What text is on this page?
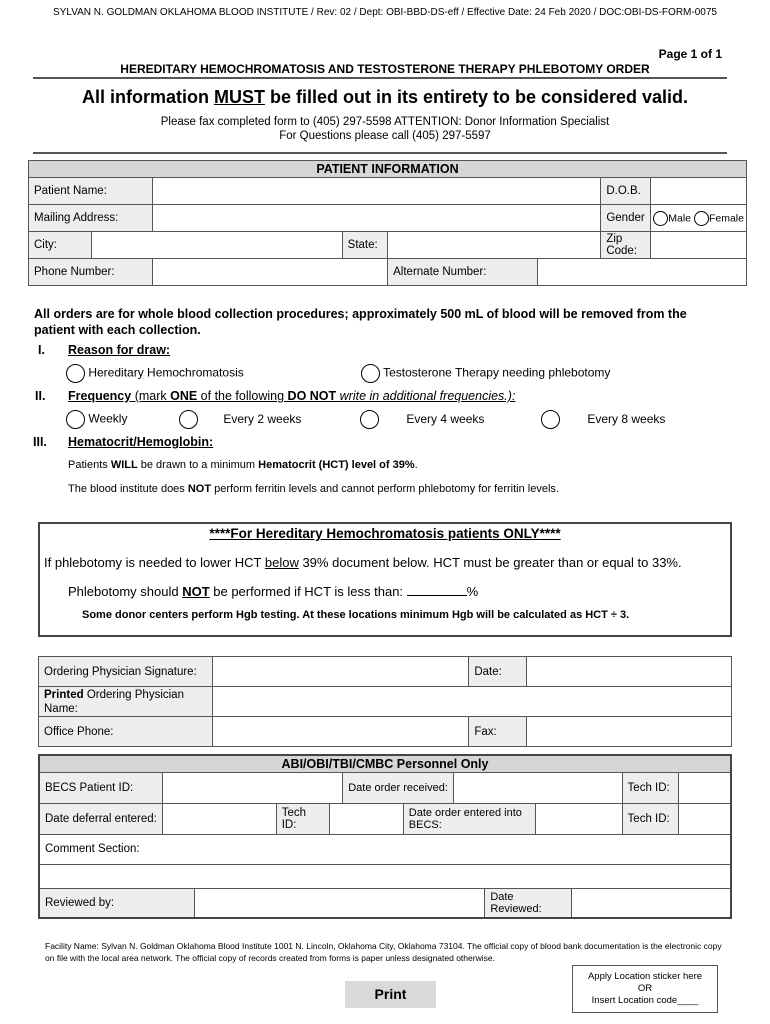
SYLVAN N. GOLDMAN OKLAHOMA BLOOD INSTITUTE / Rev: 02 / Dept: OBI-BBD-DS-eff / Effective Date: 24 Feb 2020 / DOC:OBI-DS-FORM-0075
Page 1 of 1
HEREDITARY HEMOCHROMATOSIS AND TESTOSTERONE THERAPY PHLEBOTOMY ORDER
All information MUST be filled out in its entirety to be considered valid.
Please fax completed form to (405) 297-5598 ATTENTION: Donor Information Specialist
For Questions please call (405) 297-5597
PATIENT INFORMATION							
Patient Name:						D.O.B.	
Mailing Address:						Gender	Male Female
City:			State:			Zip Code:	
Phone Number:				Alternate Number:			
All orders are for whole blood collection procedures; approximately 500 mL of blood will be removed from the patient with each collection.
I. Reason for draw:
Hereditary Hemochromatosis	Testosterone Therapy needing phlebotomy
II. Frequency (mark ONE of the following DO NOT write in additional frequencies.):
Weekly	Every 2 weeks	Every 4 weeks	Every 8 weeks
III. Hematocrit/Hemoglobin:
Patients WILL be drawn to a minimum Hematocrit (HCT) level of 39%.
The blood institute does NOT perform ferritin levels and cannot perform phlebotomy for ferritin levels.
****For Hereditary Hemochromatosis patients ONLY****
If phlebotomy is needed to lower HCT below 39% document below. HCT must be greater than or equal to 33%.
Phlebotomy should NOT be performed if HCT is less than:	%
Some donor centers perform Hgb testing. At these locations minimum Hgb will be calculated as HCT ÷ 3.
Ordering Physician Signature:		Date:	
Printed Ordering Physician Name:			
Office Phone:		Fax:	
ABI/OBI/TBI/CMBC Personnel Only												
BECS Patient ID:					Date order received:						Tech ID:	
Date deferral entered:			Tech ID:			Date order entered into BECS:					Tech ID:	
Comment Section:												

Reviewed by:								Date Reviewed:				
Facility Name: Sylvan N. Goldman Oklahoma Blood Institute 1001 N. Lincoln, Oklahoma City, Oklahoma 73104. The official copy of blood bank documentation is the electronic copy on file with the local area network. The official copy of records created from forms is paper unless designated otherwise.
Print
Apply Location sticker here
OR
Insert Location code____
